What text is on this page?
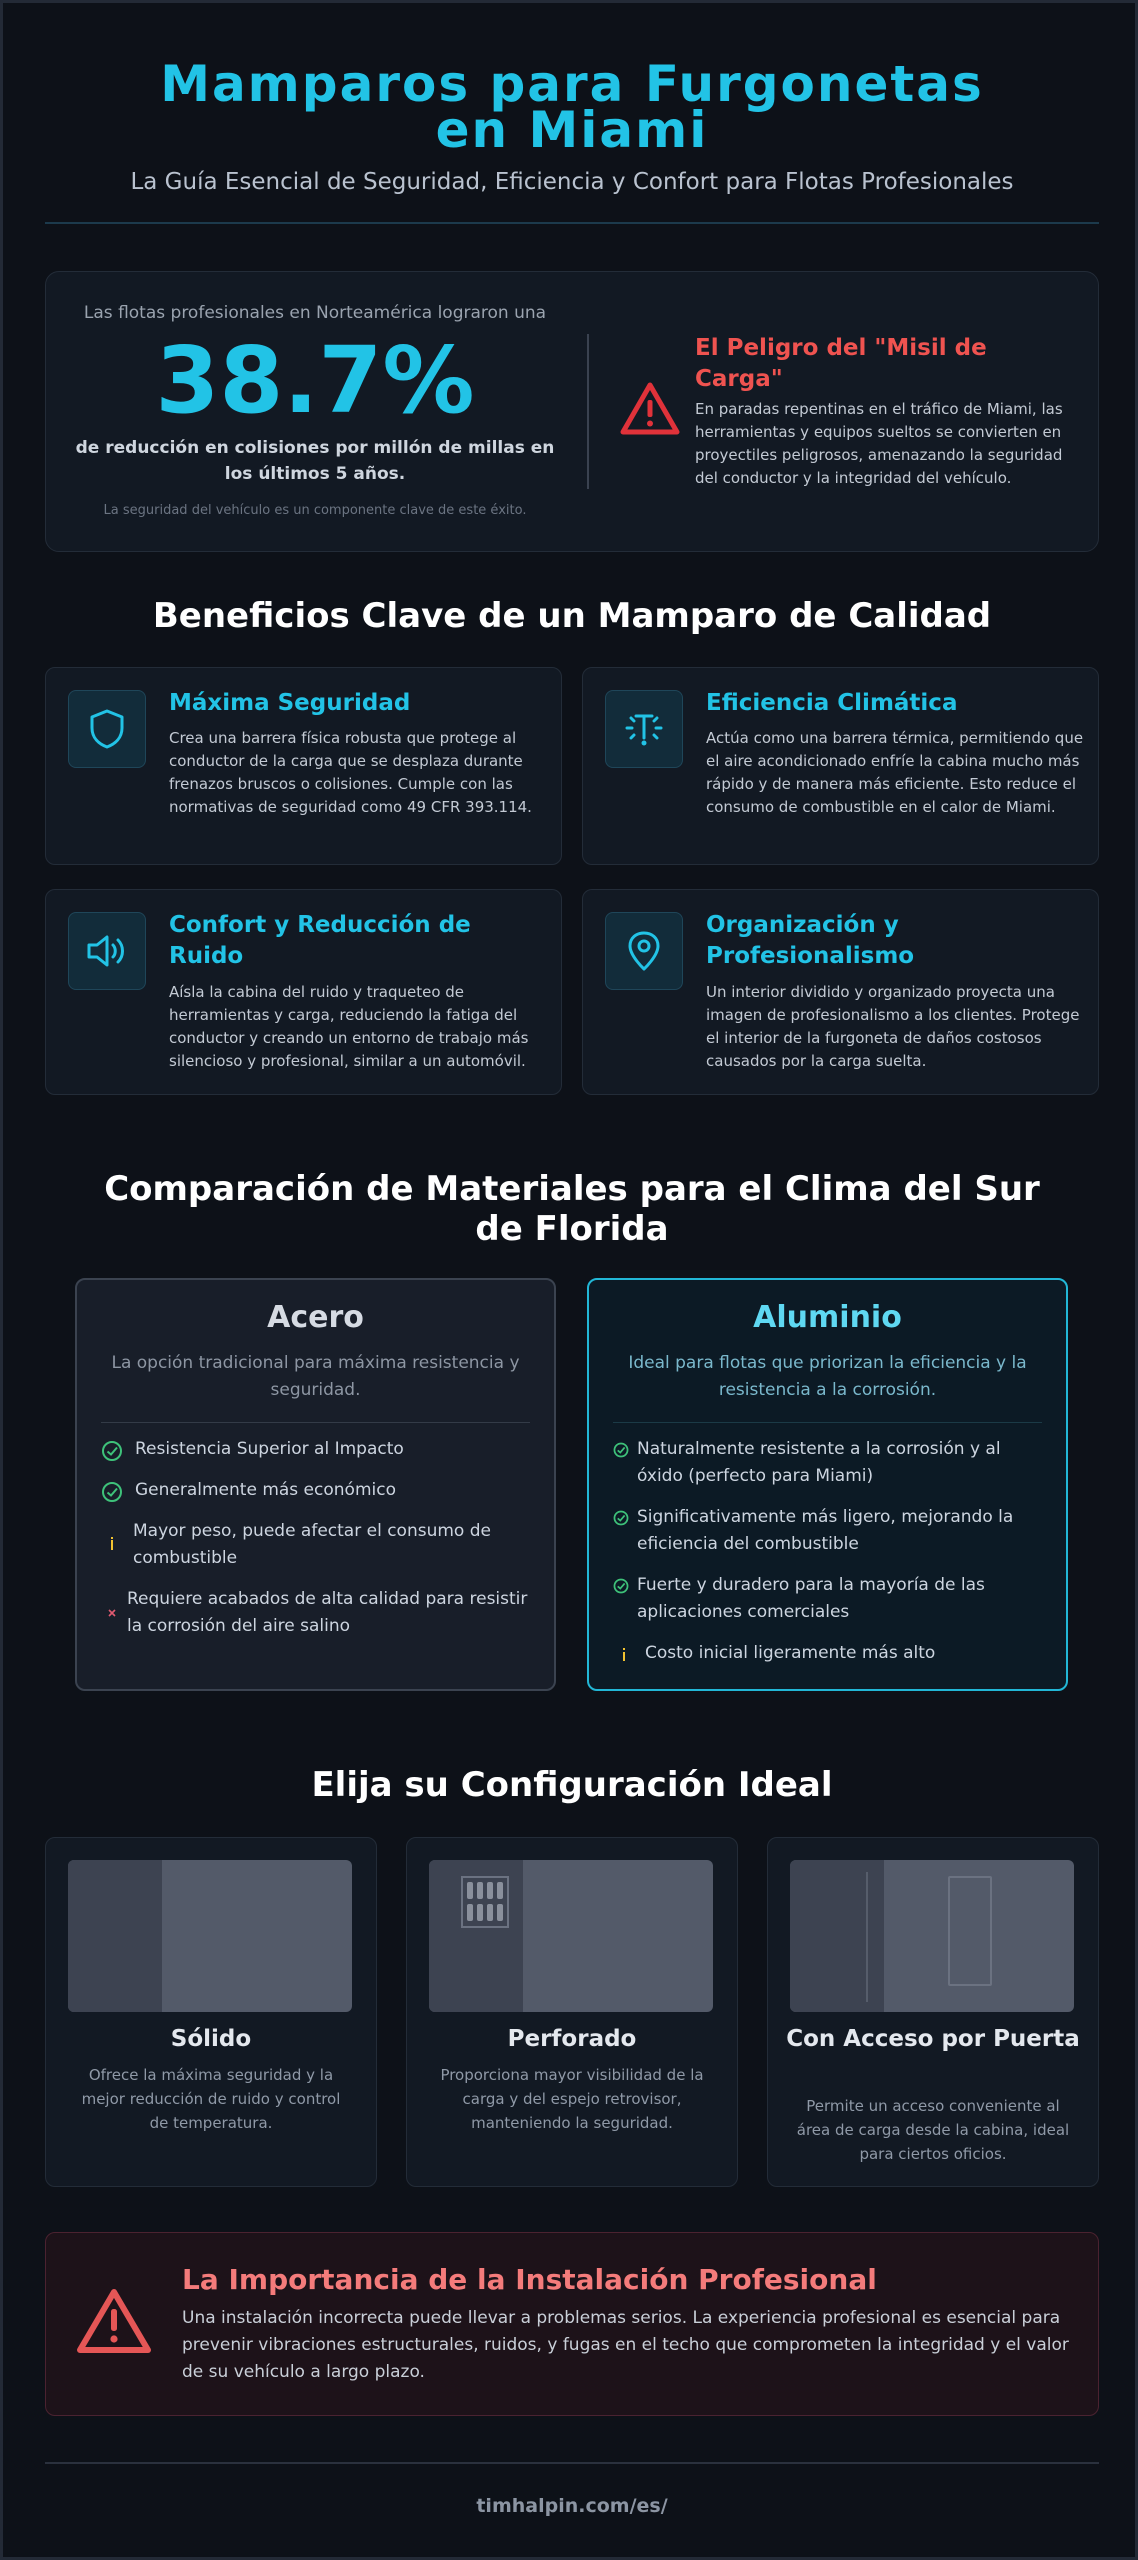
Mamparos para Furgonetas en Miami
La Guía Esencial de Seguridad, Eficiencia y Confort para Flotas Profesionales
Las flotas profesionales en Norteamérica lograron una
38.7%
de reducción en colisiones por millón de millas en los últimos 5 años.
La seguridad del vehículo es un componente clave de este éxito.
El Peligro del "Misil de Carga"
En paradas repentinas en el tráfico de Miami, las herramientas y equipos sueltos se convierten en proyectiles peligrosos, amenazando la seguridad del conductor y la integridad del vehículo.
Beneficios Clave de un Mamparo de Calidad
Máxima Seguridad
Crea una barrera física robusta que protege al conductor de la carga que se desplaza durante frenazos bruscos o colisiones. Cumple con las normativas de seguridad como 49 CFR 393.114.
Eficiencia Climática
Actúa como una barrera térmica, permitiendo que el aire acondicionado enfríe la cabina mucho más rápido y de manera más eficiente. Esto reduce el consumo de combustible en el calor de Miami.
Confort y Reducción de Ruido
Aísla la cabina del ruido y traqueteo de herramientas y carga, reduciendo la fatiga del conductor y creando un entorno de trabajo más silencioso y profesional, similar a un automóvil.
Organización y Profesionalismo
Un interior dividido y organizado proyecta una imagen de profesionalismo a los clientes. Protege el interior de la furgoneta de daños costosos causados por la carga suelta.
Comparación de Materiales para el Clima del Sur de Florida
Acero
La opción tradicional para máxima resistencia y seguridad.
Resistencia Superior al Impacto
Generalmente más económico
Mayor peso, puede afectar el consumo de combustible
Requiere acabados de alta calidad para resistir la corrosión del aire salino
Aluminio
Ideal para flotas que priorizan la eficiencia y la resistencia a la corrosión.
Naturalmente resistente a la corrosión y al óxido (perfecto para Miami)
Significativamente más ligero, mejorando la eficiencia del combustible
Fuerte y duradero para la mayoría de las aplicaciones comerciales
Costo inicial ligeramente más alto
Elija su Configuración Ideal
Sólido
Ofrece la máxima seguridad y la mejor reducción de ruido y control de temperatura.
Perforado
Proporciona mayor visibilidad de la carga y del espejo retrovisor, manteniendo la seguridad.
Con Acceso por Puerta
Permite un acceso conveniente al área de carga desde la cabina, ideal para ciertos oficios.
La Importancia de la Instalación Profesional
Una instalación incorrecta puede llevar a problemas serios. La experiencia profesional es esencial para prevenir vibraciones estructurales, ruidos, y fugas en el techo que comprometen la integridad y el valor de su vehículo a largo plazo.
timhalpin.com/es/
